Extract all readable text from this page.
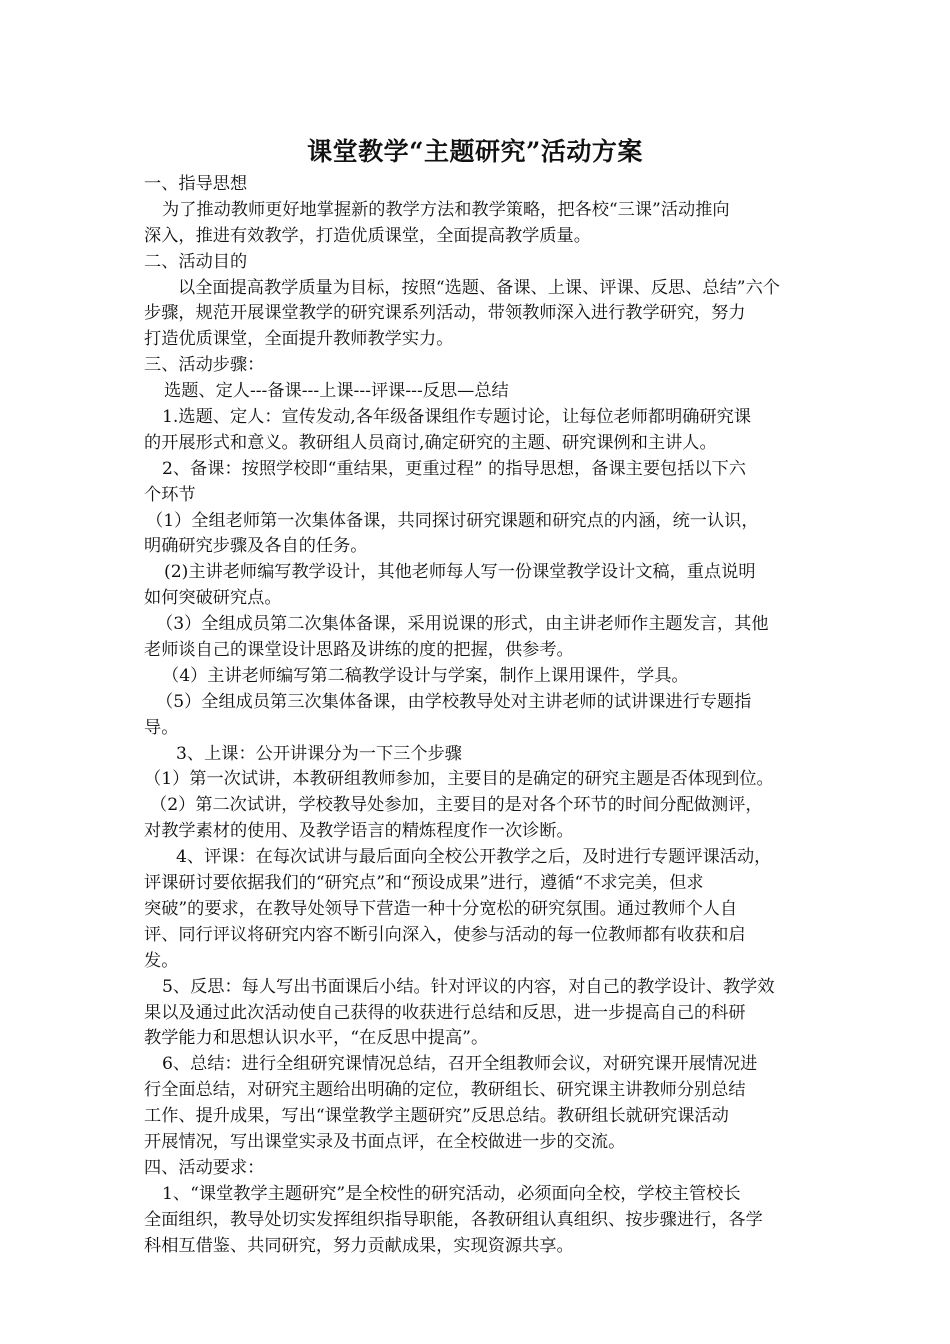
课堂教学“主题研究”活动方案
一、指导思想
为了推动教师更好地掌握新的教学方法和教学策略，把各校“三课”活动推向
深入，推进有效教学，打造优质课堂，全面提高教学质量。
二、活动目的
以全面提高教学质量为目标，按照“选题、备课、上课、评课、反思、总结”六个
步骤，规范开展课堂教学的研究课系列活动，带领教师深入进行教学研究，努力
打造优质课堂，全面提升教师教学实力。
三、活动步骤：
选题、定人---备课---上课---评课---反思—总结
1.选题、定人：宣传发动,各年级备课组作专题讨论，让每位老师都明确研究课
的开展形式和意义。教研组人员商讨,确定研究的主题、研究课例和主讲人。
2、备课：按照学校即“重结果，更重过程” 的指导思想，备课主要包括以下六
个环节
（1）全组老师第一次集体备课，共同探讨研究课题和研究点的内涵，统一认识，
明确研究步骤及各自的任务。
(2)主讲老师编写教学设计，其他老师每人写一份课堂教学设计文稿，重点说明
如何突破研究点。
（3）全组成员第二次集体备课，采用说课的形式，由主讲老师作主题发言，其他
老师谈自己的课堂设计思路及讲练的度的把握，供参考。
（4）主讲老师编写第二稿教学设计与学案，制作上课用课件，学具。
（5）全组成员第三次集体备课，由学校教导处对主讲老师的试讲课进行专题指
导。
3、上课：公开讲课分为一下三个步骤
（1）第一次试讲，本教研组教师参加，主要目的是确定的研究主题是否体现到位。
（2）第二次试讲，学校教导处参加，主要目的是对各个环节的时间分配做测评，
对教学素材的使用、及教学语言的精炼程度作一次诊断。
4、评课：在每次试讲与最后面向全校公开教学之后，及时进行专题评课活动，
评课研讨要依据我们的“研究点”和“预设成果”进行，遵循“不求完美，但求
突破”的要求，在教导处领导下营造一种十分宽松的研究氛围。通过教师个人自
评、同行评议将研究内容不断引向深入，使参与活动的每一位教师都有收获和启
发。
5、反思：每人写出书面课后小结。针对评议的内容，对自己的教学设计、教学效
果以及通过此次活动使自己获得的收获进行总结和反思，进一步提高自己的科研
教学能力和思想认识水平，“在反思中提高”。
6、总结：进行全组研究课情况总结，召开全组教师会议，对研究课开展情况进
行全面总结，对研究主题给出明确的定位，教研组长、研究课主讲教师分别总结
工作、提升成果，写出“课堂教学主题研究”反思总结。教研组长就研究课活动
开展情况，写出课堂实录及书面点评，在全校做进一步的交流。
四、活动要求：
1、“课堂教学主题研究”是全校性的研究活动，必须面向全校，学校主管校长
全面组织，教导处切实发挥组织指导职能，各教研组认真组织、按步骤进行，各学
科相互借鉴、共同研究，努力贡献成果，实现资源共享。
